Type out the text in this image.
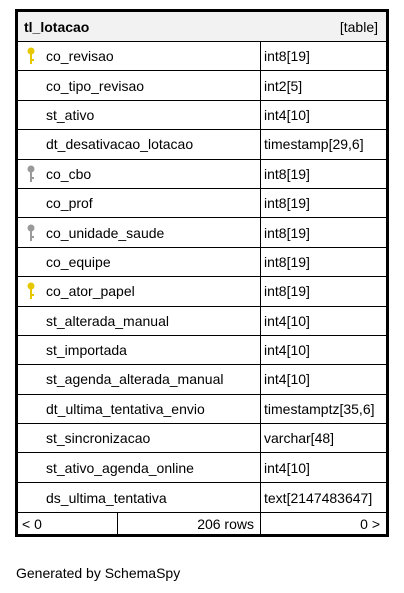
tl_lotacao	[table]
co_revisao	int8[19]
co_tipo_revisao	int2[5]
st_ativo	int4[10]
dt_desativacao_lotacao	timestamp[29,6]
co_cbo	int8[19]
co_prof	int8[19]
co_unidade_saude	int8[19]
co_equipe	int8[19]
co_ator_papel	int8[19]
st_alterada_manual	int4[10]
st_importada	int4[10]
st_agenda_alterada_manual	int4[10]
dt_ultima_tentativa_envio	timestamptz[35,6]
st_sincronizacao	varchar[48]
st_ativo_agenda_online	int4[10]
ds_ultima_tentativa	text[2147483647]
< 0	206 rows	0 >
Generated by SchemaSpy
